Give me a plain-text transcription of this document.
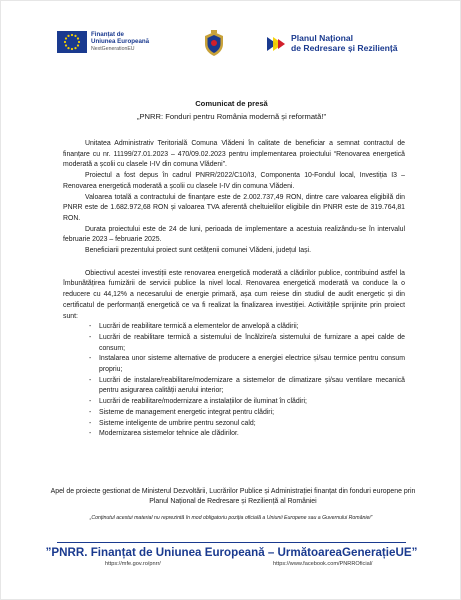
Finanțat de
Uniunea Europeană
NextGenerationEU
Planul Național
de Redresare și Reziliență
Comunicat de presă
„PNRR: Fonduri pentru România modernă și reformată!”

Unitatea Administrativ Teritorială Comuna Vlădeni în calitate de beneficiar a semnat contractul de finanțare cu nr. 11199/27.01.2023 – 470/09.02.2023 pentru implementarea proiectului “Renovarea energetică moderată a școlii cu clasele I-IV din comuna Vlădeni”.

Proiectul a fost depus în cadrul PNRR/2022/C10/I3, Componenta 10-Fondul local, Investiția I3 – Renovarea energetică moderată a școlii cu clasele I-IV din comuna Vlădeni.

Valoarea totală a contractului de finanțare este de 2.002.737,49 RON, dintre care valoarea eligibilă din PNRR este de 1.682.972,68 RON și valoarea TVA aferentă cheltuielilor eligibile din PNRR este de 319.764,81 RON.

Durata proiectului este de 24 de luni, perioada de implementare a acestuia realizându-se în intervalul februarie 2023 – februarie 2025.

Beneficiarii prezentului proiect sunt cetățenii comunei Vlădeni, județul Iași.

Obiectivul acestei investiții este renovarea energetică moderată a clădirilor publice, contribuind astfel la îmbunătățirea furnizării de servicii publice la nivel local. Renovarea energetică moderată va conduce la o reducere cu 44,12% a necesarului de energie primară, așa cum reiese din studiul de audit energetic și din certificatul de performanță energetică ce va fi realizat la finalizarea investiției. Activitățile sprijinite prin proiect sunt:

- Lucrări de reabilitare termică a elementelor de anvelopă a clădirii;
- Lucrări de reabilitare termică a sistemului de încălzire/a sistemului de furnizare a apei calde de consum;
- Instalarea unor sisteme alternative de producere a energiei electrice și/sau termice pentru consum propriu;
- Lucrări de instalare/reabilitare/modernizare a sistemelor de climatizare și/sau ventilare mecanică pentru asigurarea calității aerului interior;
- Lucrări de reabilitare/modernizare a instalațiilor de iluminat în clădiri;
- Sisteme de management energetic integrat pentru clădiri;
- Sisteme inteligente de umbrire pentru sezonul cald;
- Modernizarea sistemelor tehnice ale clădirilor.
Apel de proiecte gestionat de Ministerul Dezvoltării, Lucrărilor Publice și Administrației finanțat din fonduri europene prin Planul Național de Redresare și Reziliență al României
„Conținutul acestui material nu reprezintă în mod obligatoriu poziția oficială a Uniunii Europene sau a Guvernului României”
”PNRR. Finanțat de Uniunea Europeană – UrmătoareaGenerațieUE”
https://mfe.gov.ro/pnrr/	https://www.facebook.com/PNRROficial/
